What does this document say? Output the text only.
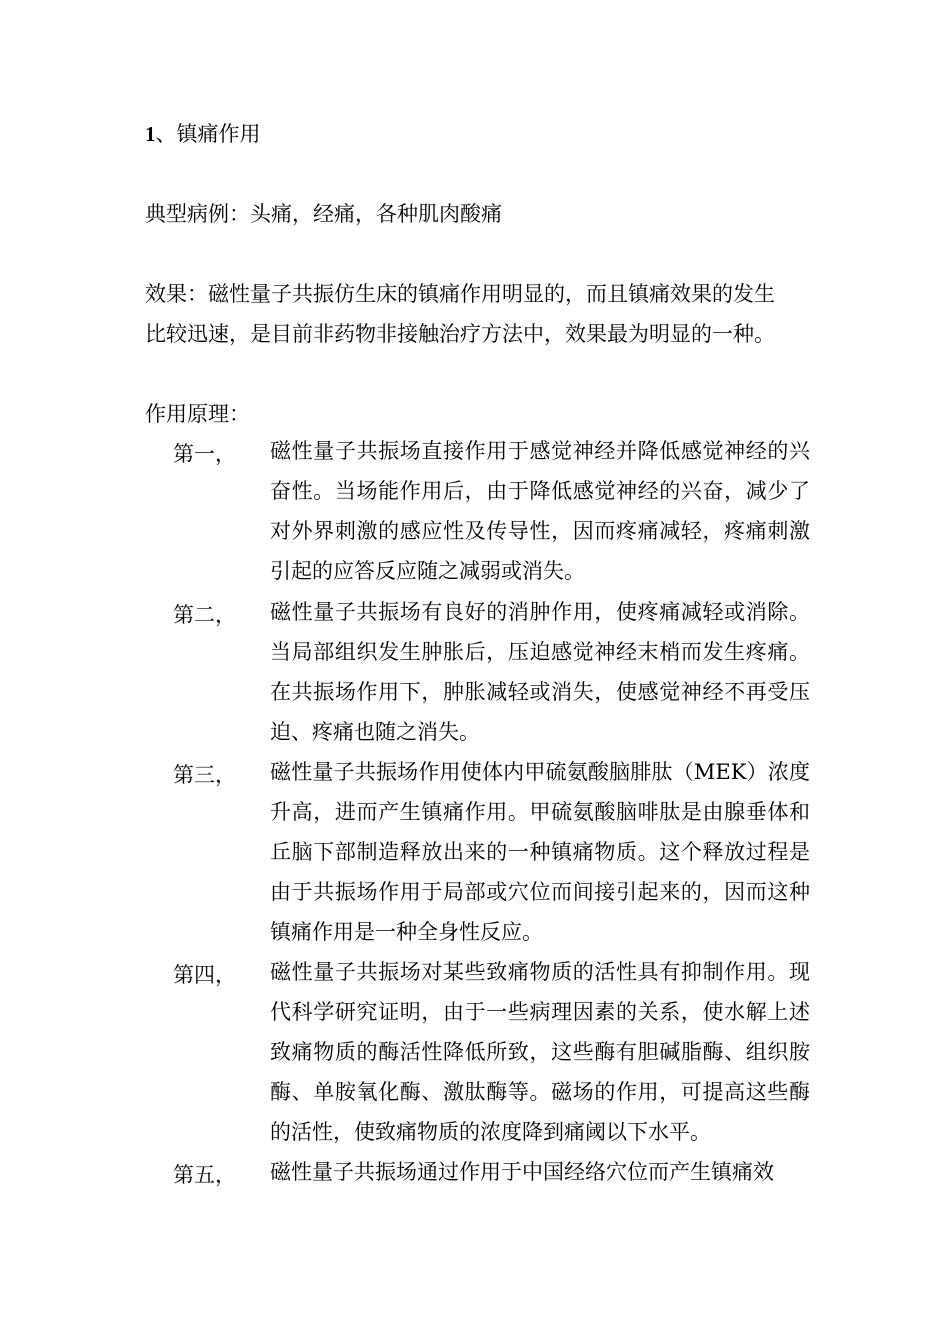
1、镇痛作用
典型病例：头痛，经痛，各种肌肉酸痛
效果：磁性量子共振仿生床的镇痛作用明显的，而且镇痛效果的发生
比较迅速，是目前非药物非接触治疗方法中，效果最为明显的一种。
作用原理：
第一， 磁性量子共振场直接作用于感觉神经并降低感觉神经的兴奋性。当场能作用后，由于降低感觉神经的兴奋，减少了对外界刺激的感应性及传导性，因而疼痛减轻，疼痛刺激引起的应答反应随之减弱或消失。
第二， 磁性量子共振场有良好的消肿作用，使疼痛减轻或消除。当局部组织发生肿胀后，压迫感觉神经末梢而发生疼痛。在共振场作用下，肿胀减轻或消失，使感觉神经不再受压迫、疼痛也随之消失。
第三， 磁性量子共振场作用使体内甲硫氨酸脑腓肽（MEK）浓度升高，进而产生镇痛作用。甲硫氨酸脑啡肽是由腺垂体和丘脑下部制造释放出来的一种镇痛物质。这个释放过程是由于共振场作用于局部或穴位而间接引起来的，因而这种镇痛作用是一种全身性反应。
第四， 磁性量子共振场对某些致痛物质的活性具有抑制作用。现代科学研究证明，由于一些病理因素的关系，使水解上述致痛物质的酶活性降低所致，这些酶有胆碱脂酶、组织胺酶、单胺氧化酶、激肽酶等。磁场的作用，可提高这些酶的活性，使致痛物质的浓度降到痛阈以下水平。
第五， 磁性量子共振场通过作用于中国经络穴位而产生镇痛效
